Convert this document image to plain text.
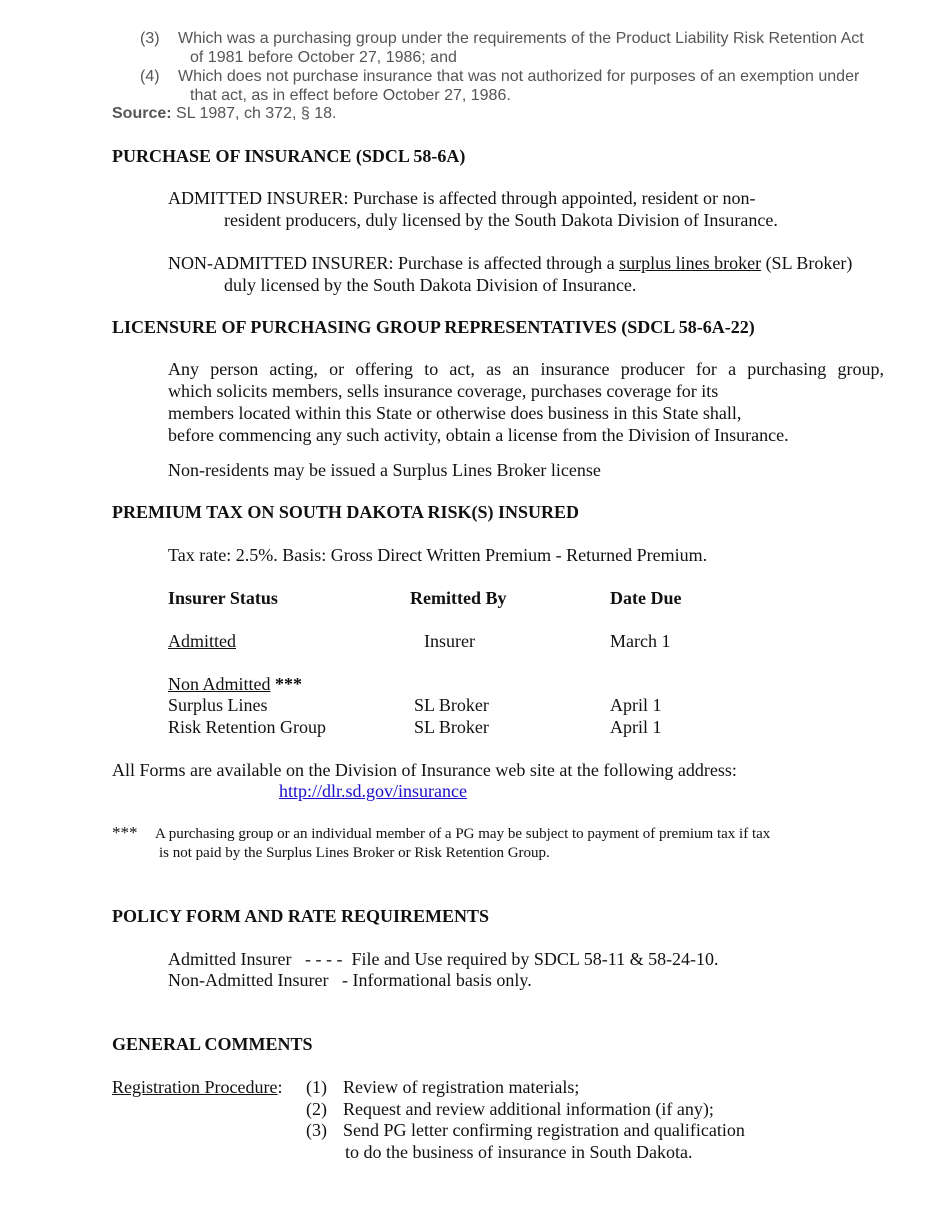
(3) Which was a purchasing group under the requirements of the Product Liability Risk Retention Act
of 1981 before October 27, 1986; and
(4) Which does not purchase insurance that was not authorized for purposes of an exemption under
that act, as in effect before October 27, 1986.
Source: SL 1987, ch 372, § 18.
PURCHASE OF INSURANCE (SDCL 58-6A)
ADMITTED INSURER: Purchase is affected through appointed, resident or non-
resident producers, duly licensed by the South Dakota Division of Insurance.
NON-ADMITTED INSURER: Purchase is affected through a surplus lines broker (SL Broker)
duly licensed by the South Dakota Division of Insurance.
LICENSURE OF PURCHASING GROUP REPRESENTATIVES (SDCL 58-6A-22)
Any person acting, or offering to act, as an insurance producer for a purchasing group,
which solicits members, sells insurance coverage, purchases coverage for its
members located within this State or otherwise does business in this State shall,
before commencing any such activity, obtain a license from the Division of Insurance.
Non-residents may be issued a Surplus Lines Broker license
PREMIUM TAX ON SOUTH DAKOTA RISK(S) INSURED
Tax rate: 2.5%. Basis: Gross Direct Written Premium - Returned Premium.
Insurer Status	Remitted By	Date Due
Admitted	Insurer	March 1
Non Admitted ***
Surplus Lines	SL Broker	April 1
Risk Retention Group	SL Broker	April 1
All Forms are available on the Division of Insurance web site at the following address:
http://dlr.sd.gov/insurance
*** A purchasing group or an individual member of a PG may be subject to payment of premium tax if tax
is not paid by the Surplus Lines Broker or Risk Retention Group.
POLICY FORM AND RATE REQUIREMENTS
Admitted Insurer   - - - -  File and Use required by SDCL 58-11 & 58-24-10.
Non-Admitted Insurer   - Informational basis only.
GENERAL COMMENTS
Registration Procedure: (1) Review of registration materials;
(2) Request and review additional information (if any);
(3) Send PG letter confirming registration and qualification
to do the business of insurance in South Dakota.
